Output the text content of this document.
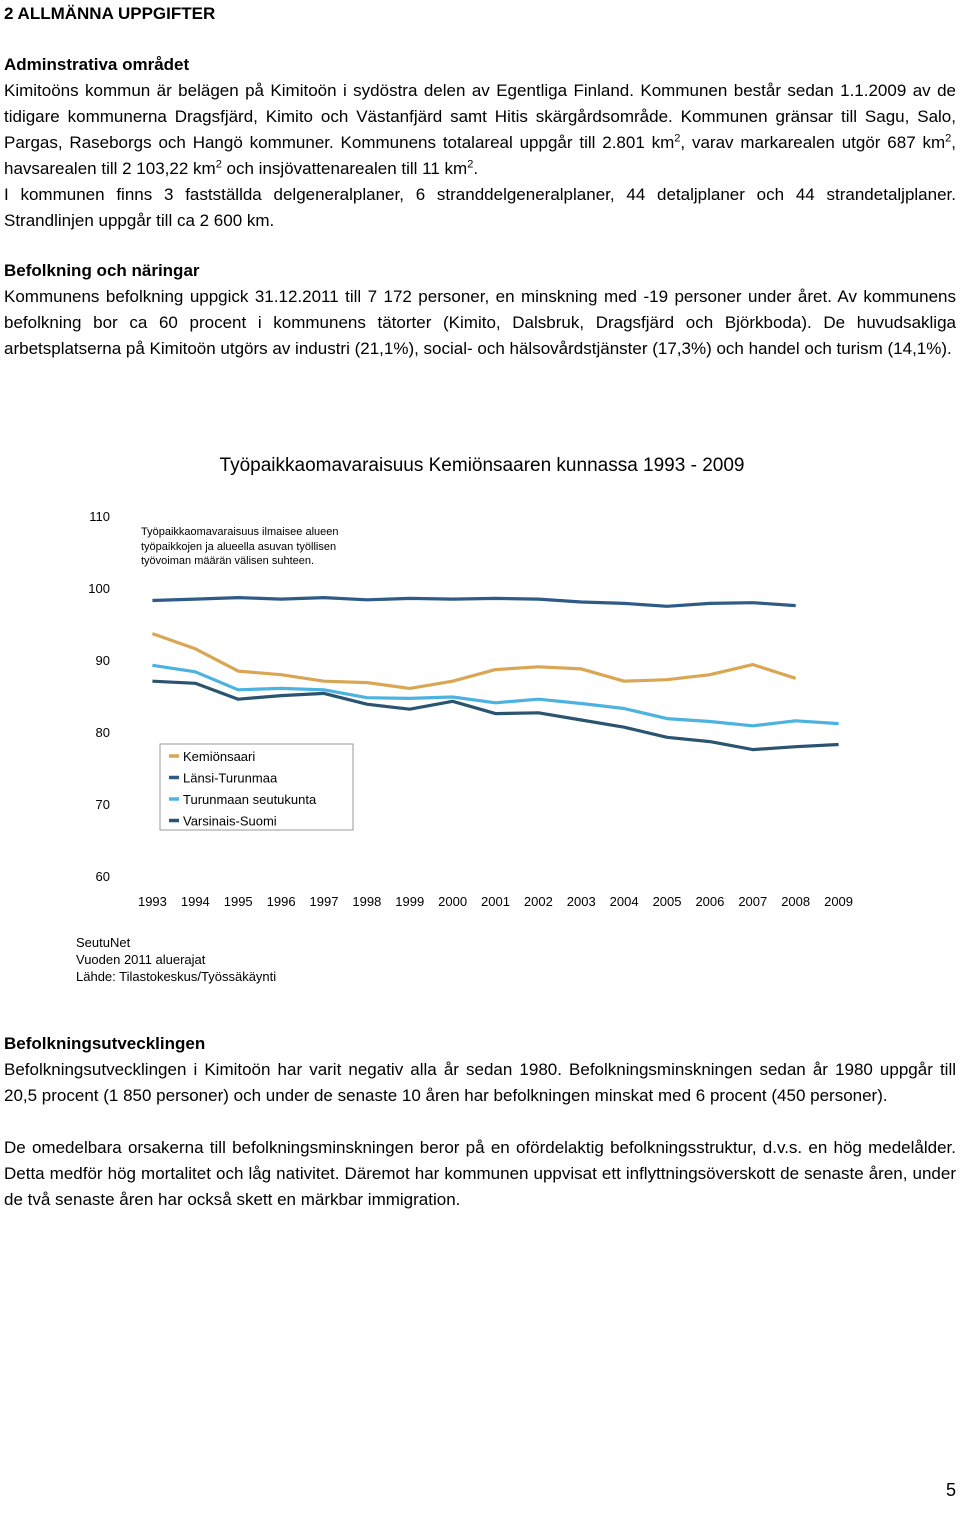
2 ALLMÄNNA UPPGIFTER

Adminstrativa området

Kimitoöns kommun är belägen på Kimitoön i sydöstra delen av Egentliga Finland. Kommunen består sedan 1.1.2009 av de tidigare kommunerna Dragsfjärd, Kimito och Västanfjärd samt Hitis skärgårdsområde. Kommunen gränsar till Sagu, Salo, Pargas, Raseborgs och Hangö kommuner. Kommunens totalareal uppgår till 2.801 $km^2$, varav markarealen utgör 687 $km^2$, havsarealen till 2 103,22 $km^2$ och insjövattenarealen till 11 $km^2$.

I kommunen finns 3 fastställda delgeneralplaner, 6 stranddelgeneralplaner, 44 detaljplaner och 44 strandetaljplaner. Strandlinjen uppgår till ca 2 600 km.

Befolkning och näringar

Kommunens befolkning uppgick 31.12.2011 till 7 172 personer, en minskning med -19 personer under året. Av kommunens befolkning bor ca 60 procent i kommunens tätorter (Kimito, Dalsbruk, Dragsfjärd och Björkboda). De huvudsakliga arbetsplatserna på Kimitoön utgörs av industri (21,1%), social- och hälsovårdstjänster (17,3%) och handel och turism (14,1%).

Työpaikkaomavaraisuus Kemiönsaaren kunnassa 1993 - 2009
60
70
80
90
100
110
1993 1994 1995 1996 1997 1998 1999 2000 2001 2002 2003 2004 2005 2006 2007 2008 2009
Työpaikkaomavaraisuus ilmaisee alueen
työpaikkojen ja alueella asuvan työllisen
työvoiman määrän välisen suhteen.
Kemiönsaari
Länsi-Turunmaa
Turunmaan seutukunta
Varsinais-Suomi
SeutuNet
Vuoden 2011 aluerajat
Lähde: Tilastokeskus/Työssäkäynti

Befolkningsutvecklingen

Befolkningsutvecklingen i Kimitoön har varit negativ alla år sedan 1980. Befolkningsminskningen sedan år 1980 uppgår till 20,5 procent (1 850 personer) och under de senaste 10 åren har befolkningen minskat med 6 procent (450 personer).

De omedelbara orsakerna till befolkningsminskningen beror på en ofördelaktig befolkningsstruktur, d.v.s. en hög medelålder. Detta medför hög mortalitet och låg nativitet. Däremot har kommunen uppvisat ett inflyttningsöverskott de senaste åren, under de två senaste åren har också skett en märkbar immigration.

5
